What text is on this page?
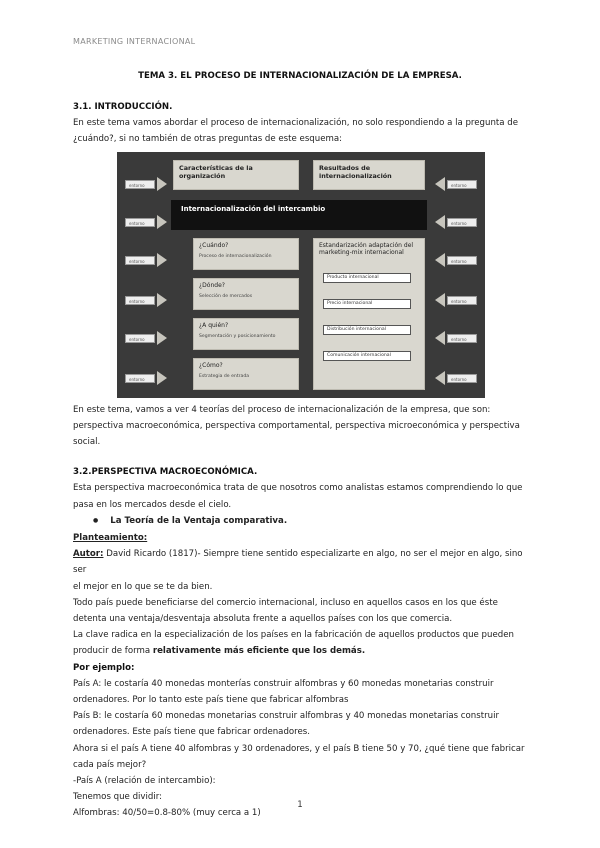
MARKETING INTERNACIONAL
TEMA 3. EL PROCESO DE INTERNACIONALIZACIÓN DE LA EMPRESA.

3.1. INTRODUCCIÓN.

En este tema vamos abordar el proceso de internacionalización, no solo respondiendo a la pregunta de

¿cuándo?, si no también de otras preguntas de este esquema:

entorno
entorno
entorno
entorno
entorno
entorno
entorno
entorno
entorno
entorno
entorno
entorno
Características de la organización
Resultados de internacionalización
Internacionalización del intercambio
¿Cuándo?
Proceso de internacionalización
¿Dónde?
Selección de mercados
¿A quién?
Segmentación y posicionamiento
¿Cómo?
Estrategia de entrada
Estandarización adaptación del marketing-mix internacional
Producto internacional
Precio internacional
Distribución internacional
Comunicación internacional

En este tema, vamos a ver 4 teorías del proceso de internacionalización de la empresa, que son:

perspectiva macroeconómica, perspectiva comportamental, perspectiva microeconómica y perspectiva

social.

3.2.PERSPECTIVA MACROECONÓMICA.

Esta perspectiva macroeconómica trata de que nosotros como analistas estamos comprendiendo lo que

pasa en los mercados desde el cielo.

● La Teoría de la Ventaja comparativa.

Planteamiento:

Autor: David Ricardo (1817)- Siempre tiene sentido especializarte en algo, no ser el mejor en algo, sino ser

el mejor en lo que se te da bien.

Todo país puede beneficiarse del comercio internacional, incluso en aquellos casos en los que éste

detenta una ventaja/desventaja absoluta frente a aquellos países con los que comercia.

La clave radica en la especialización de los países en la fabricación de aquellos productos que pueden

producir de forma relativamente más eficiente que los demás.

Por ejemplo:

País A: le costaría 40 monedas monterías construir alfombras y 60 monedas monetarias construir

ordenadores. Por lo tanto este país tiene que fabricar alfombras

País B: le costaría 60 monedas monetarias construir alfombras y 40 monedas monetarias construir

ordenadores. Este país tiene que fabricar ordenadores.

Ahora si el país A tiene 40 alfombras y 30 ordenadores, y el país B tiene 50 y 70, ¿qué tiene que fabricar

cada país mejor?

-País A (relación de intercambio):

Tenemos que dividir:

Alfombras: 40/50=0.8-80% (muy cerca a 1)

1
